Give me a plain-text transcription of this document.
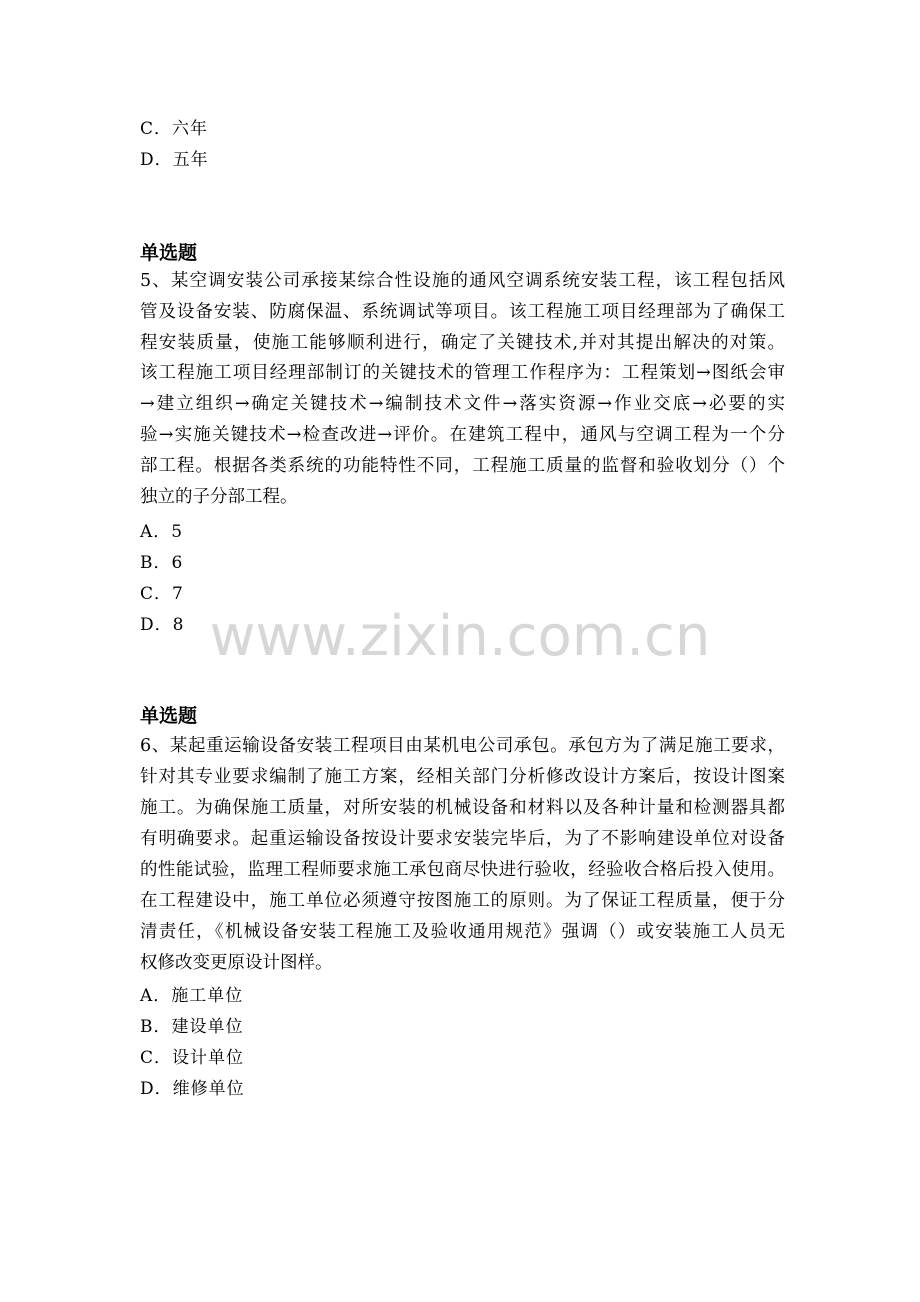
C．六年
D．五年
单选题
5、某空调安装公司承接某综合性设施的通风空调系统安装工程，该工程包括风
管及设备安装、防腐保温、系统调试等项目。该工程施工项目经理部为了确保工
程安装质量，使施工能够顺利进行，确定了关键技术,并对其提出解决的对策。
该工程施工项目经理部制订的关键技术的管理工作程序为：工程策划→图纸会审
→建立组织→确定关键技术→编制技术文件→落实资源→作业交底→必要的实
验→实施关键技术→检查改进→评价。在建筑工程中，通风与空调工程为一个分
部工程。根据各类系统的功能特性不同，工程施工质量的监督和验收划分（）个
独立的子分部工程。
A．5
B．6
C．7
D．8
单选题
6、某起重运输设备安装工程项目由某机电公司承包。承包方为了满足施工要求，
针对其专业要求编制了施工方案，经相关部门分析修改设计方案后，按设计图案
施工。为确保施工质量，对所安装的机械设备和材料以及各种计量和检测器具都
有明确要求。起重运输设备按设计要求安装完毕后，为了不影响建设单位对设备
的性能试验，监理工程师要求施工承包商尽快进行验收，经验收合格后投入使用。
在工程建设中，施工单位必须遵守按图施工的原则。为了保证工程质量，便于分
清责任，《机械设备安装工程施工及验收通用规范》强调（）或安装施工人员无
权修改变更原设计图样。
A．施工单位
B．建设单位
C．设计单位
D．维修单位
www.zixin.com.cn
